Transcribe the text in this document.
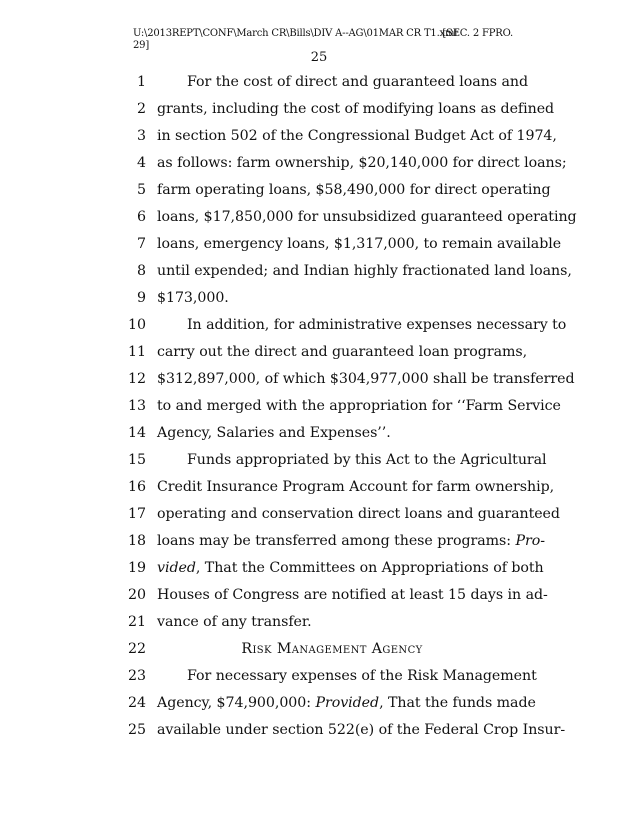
U:\2013REPT\CONF\March CR\Bills\DIV A--AG\01MAR CR T1.xml
[SEC. 2 FPRO.
29]
25
1	For the cost of direct and guaranteed loans and
2 grants, including the cost of modifying loans as defined
3 in section 502 of the Congressional Budget Act of 1974,
4 as follows: farm ownership, $20,140,000 for direct loans;
5 farm operating loans, $58,490,000 for direct operating
6 loans, $17,850,000 for unsubsidized guaranteed operating
7 loans, emergency loans, $1,317,000, to remain available
8 until expended; and Indian highly fractionated land loans,
9 $173,000.
10	In addition, for administrative expenses necessary to
11 carry out the direct and guaranteed loan programs,
12 $312,897,000, of which $304,977,000 shall be transferred
13 to and merged with the appropriation for ‘‘Farm Service
14 Agency, Salaries and Expenses’’.
15	Funds appropriated by this Act to the Agricultural
16 Credit Insurance Program Account for farm ownership,
17 operating and conservation direct loans and guaranteed
18 loans may be transferred among these programs: Pro-
19 vided, That the Committees on Appropriations of both
20 Houses of Congress are notified at least 15 days in ad-
21 vance of any transfer.
22	Risk Management Agency
23	For necessary expenses of the Risk Management
24 Agency, $74,900,000: Provided, That the funds made
25 available under section 522(e) of the Federal Crop Insur-
